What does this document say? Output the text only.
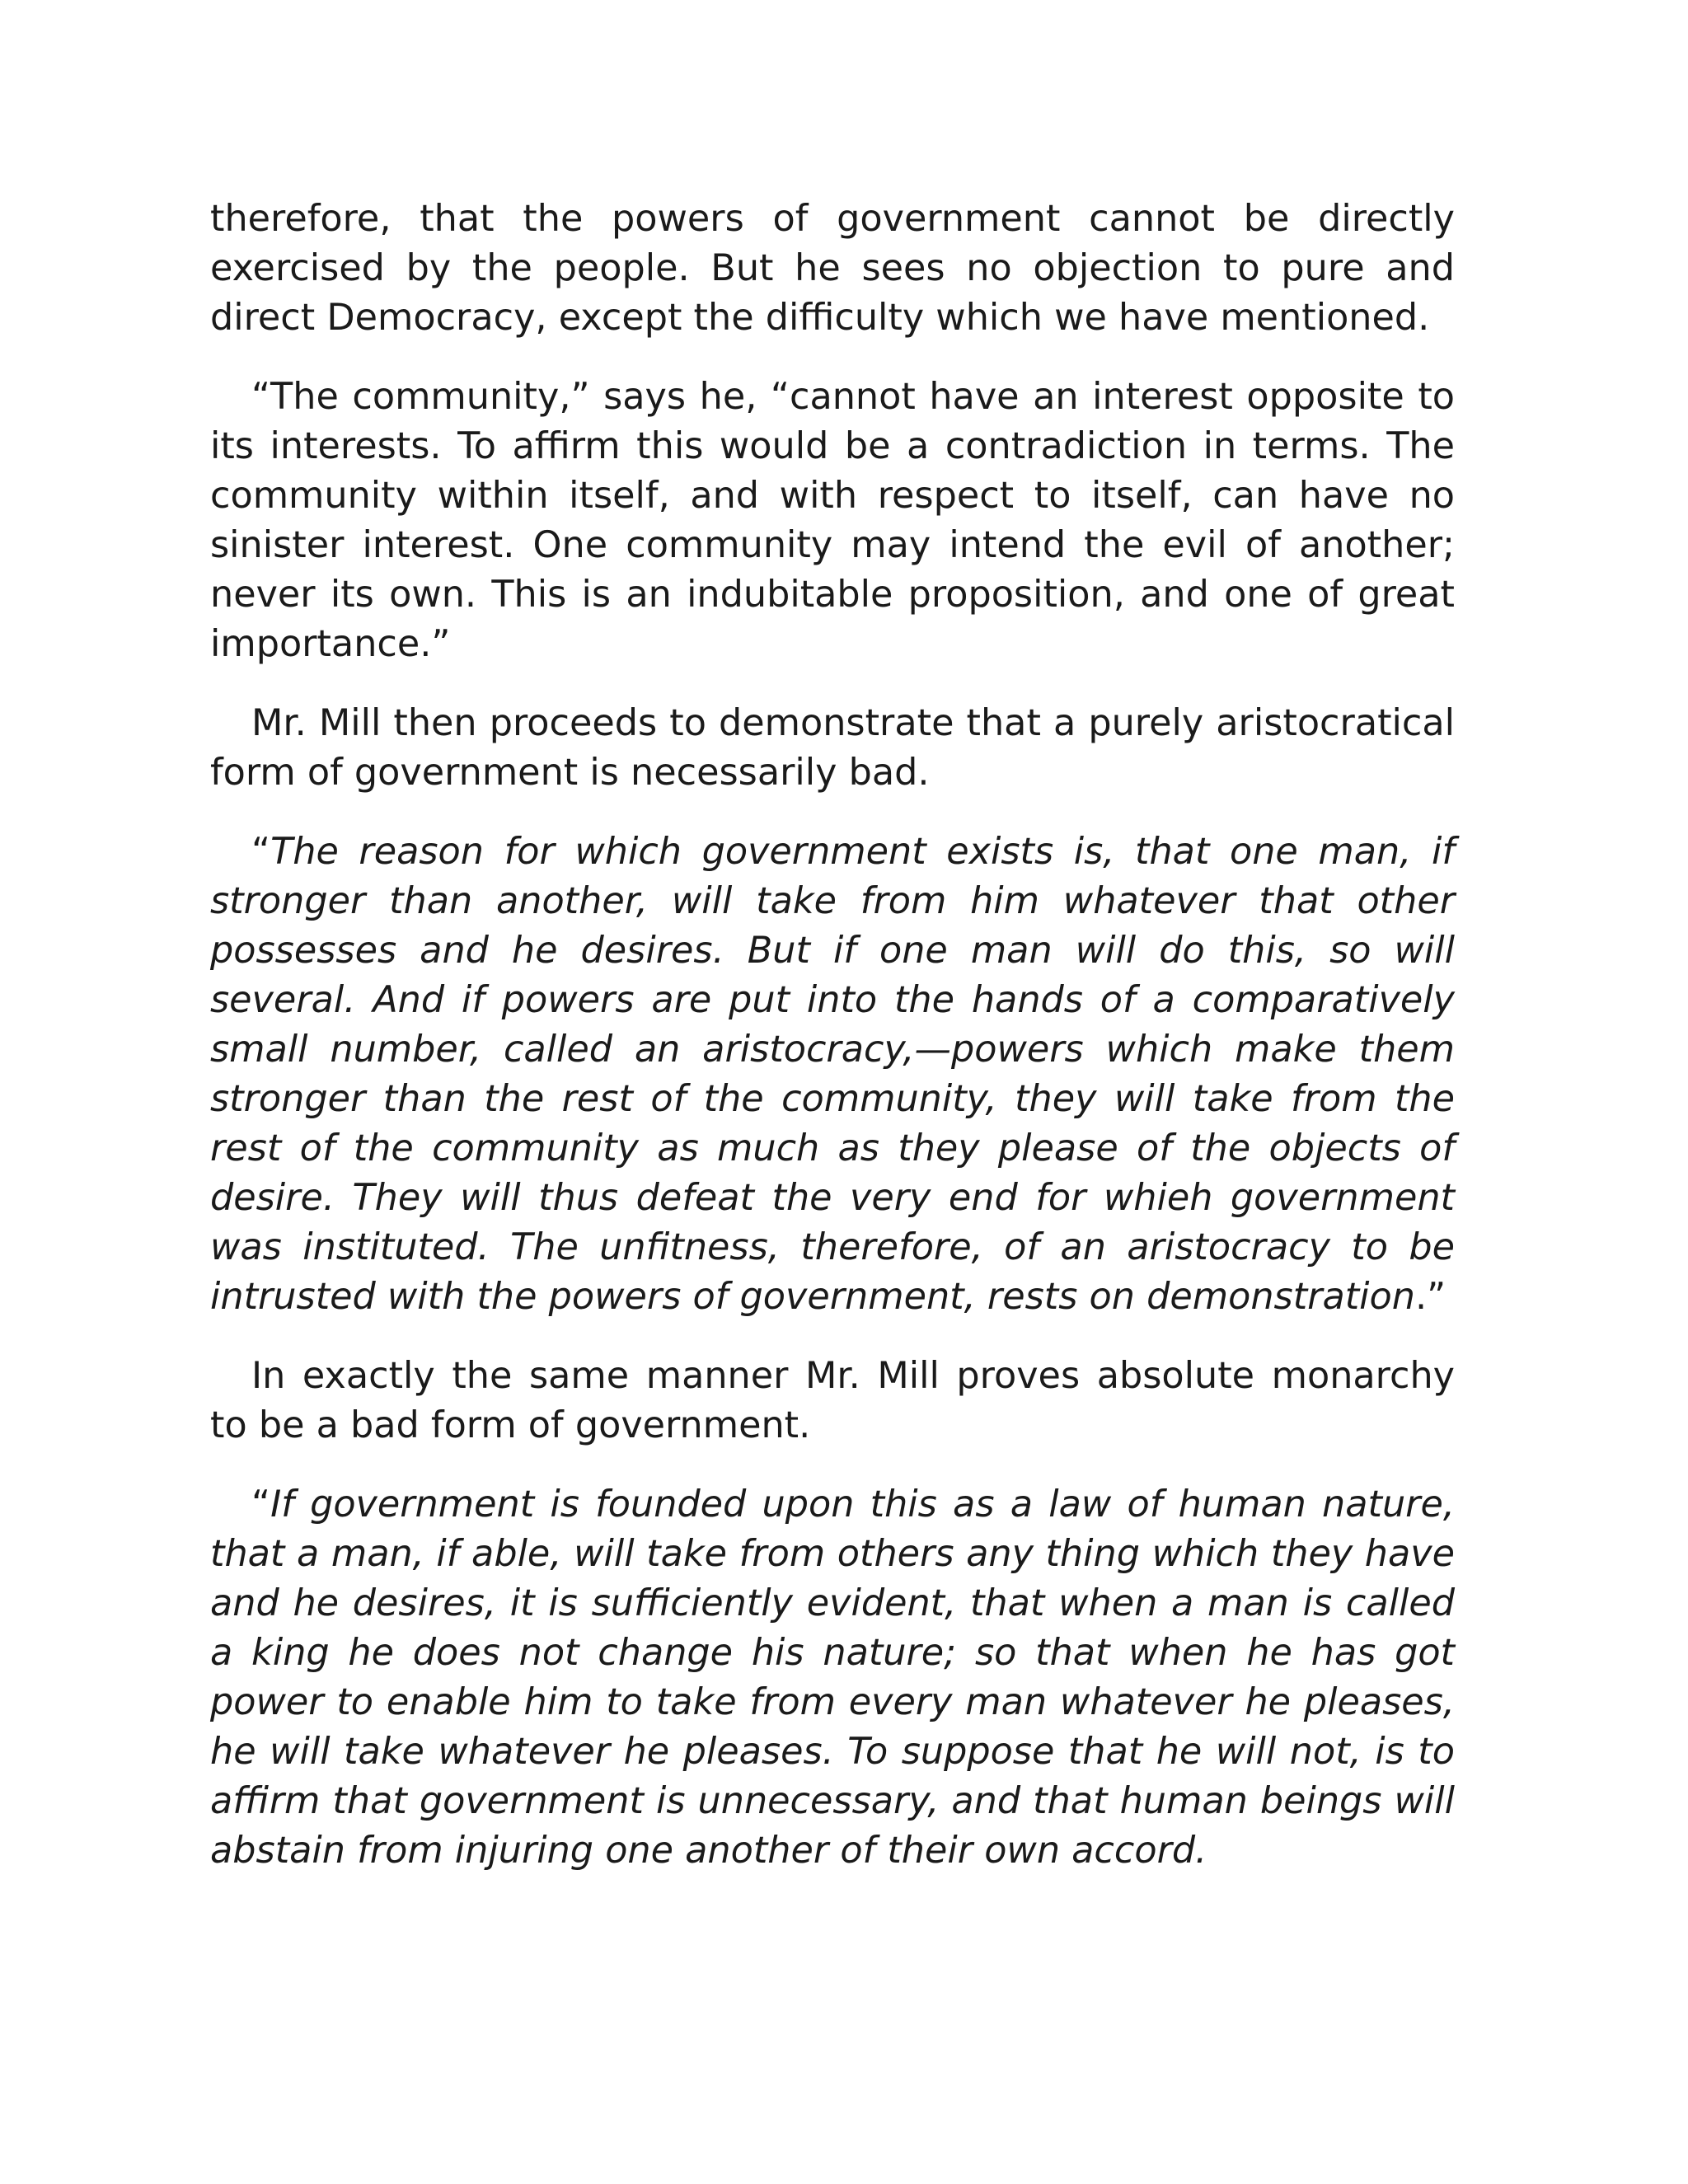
therefore, that the powers of government cannot be directly exercised by the people. But he sees no objection to pure and direct Democracy, except the difficulty which we have mentioned.

“The community,” says he, “cannot have an interest opposite to its interests. To affirm this would be a contradiction in terms. The community within itself, and with respect to itself, can have no sinister interest. One community may intend the evil of another; never its own. This is an indubitable proposition, and one of great importance.”

Mr. Mill then proceeds to demonstrate that a purely aristocratical form of government is necessarily bad.

“The reason for which government exists is, that one man, if stronger than another, will take from him whatever that other possesses and he desires. But if one man will do this, so will several. And if powers are put into the hands of a comparatively small number, called an aristocracy,—powers which make them stronger than the rest of the community, they will take from the rest of the community as much as they please of the objects of desire. They will thus defeat the very end for whieh government was instituted. The unfitness, therefore, of an aristocracy to be intrusted with the powers of government, rests on demonstration.”

In exactly the same manner Mr. Mill proves absolute monarchy to be a bad form of government.

“If government is founded upon this as a law of human nature, that a man, if able, will take from others any thing which they have and he desires, it is sufficiently evident, that when a man is called a king he does not change his nature; so that when he has got power to enable him to take from every man whatever he pleases, he will take whatever he pleases. To suppose that he will not, is to affirm that government is unnecessary, and that human beings will abstain from injuring one another of their own accord.
